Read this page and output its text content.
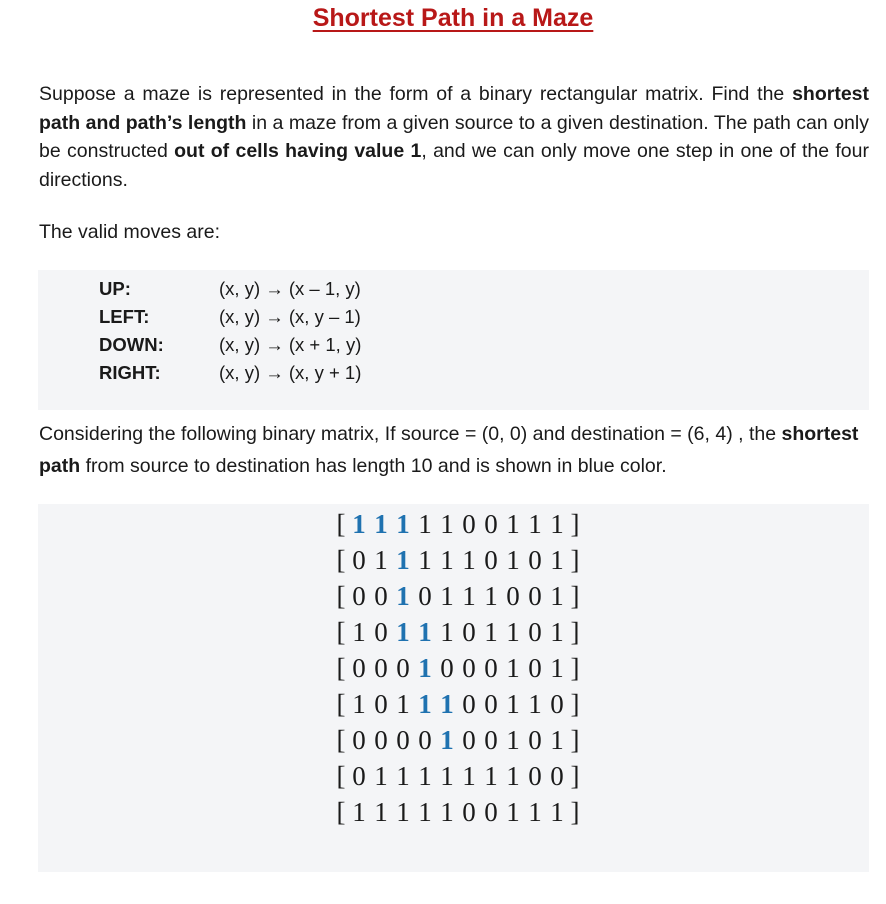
Shortest Path in a Maze
Suppose a maze is represented in the form of a binary rectangular matrix. Find the shortest path and path’s length in a maze from a given source to a given destination. The path can only be constructed out of cells having value 1, and we can only move one step in one of the four directions.
The valid moves are:
UP:	(x, y) → (x – 1, y)
LEFT:	(x, y) → (x, y – 1)
DOWN:	(x, y) → (x + 1, y)
RIGHT:	(x, y) → (x, y + 1)
Considering the following binary matrix, If source = (0, 0) and destination = (6, 4) , the shortest path from source to destination has length 10 and is shown in blue color.
[ 1 1 1 1 1 0 0 1 1 1 ]
[ 0 1 1 1 1 1 0 1 0 1 ]
[ 0 0 1 0 1 1 1 0 0 1 ]
[ 1 0 1 1 1 0 1 1 0 1 ]
[ 0 0 0 1 0 0 0 1 0 1 ]
[ 1 0 1 1 1 0 0 1 1 0 ]
[ 0 0 0 0 1 0 0 1 0 1 ]
[ 0 1 1 1 1 1 1 1 0 0 ]
[ 1 1 1 1 1 0 0 1 1 1 ]
